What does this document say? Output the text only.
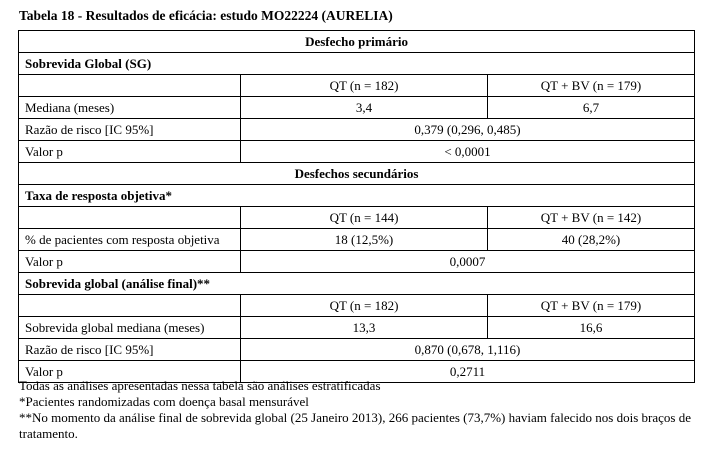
Tabela 18 - Resultados de eficácia: estudo MO22224 (AURELIA)
Desfecho primário		
Sobrevida Global (SG)		
	QT (n = 182)	QT + BV (n = 179)
Mediana (meses)	3,4	6,7
Razão de risco [IC 95%]	0,379 (0,296, 0,485)	
Valor p	< 0,0001	
Desfechos secundários		
Taxa de resposta objetiva*		
	QT (n = 144)	QT + BV (n = 142)
% de pacientes com resposta objetiva	18 (12,5%)	40 (28,2%)
Valor p	0,0007	
Sobrevida global (análise final)**		
	QT (n = 182)	QT + BV (n = 179)
Sobrevida global mediana (meses)	13,3	16,6
Razão de risco [IC 95%]	0,870 (0,678, 1,116)	
Valor p	0,2711	

Todas as análises apresentadas nessa tabela são análises estratificadas

*Pacientes randomizadas com doença basal mensurável

**No momento da análise final de sobrevida global (25 Janeiro 2013), 266 pacientes (73,7%) haviam falecido nos dois braços de tratamento.
